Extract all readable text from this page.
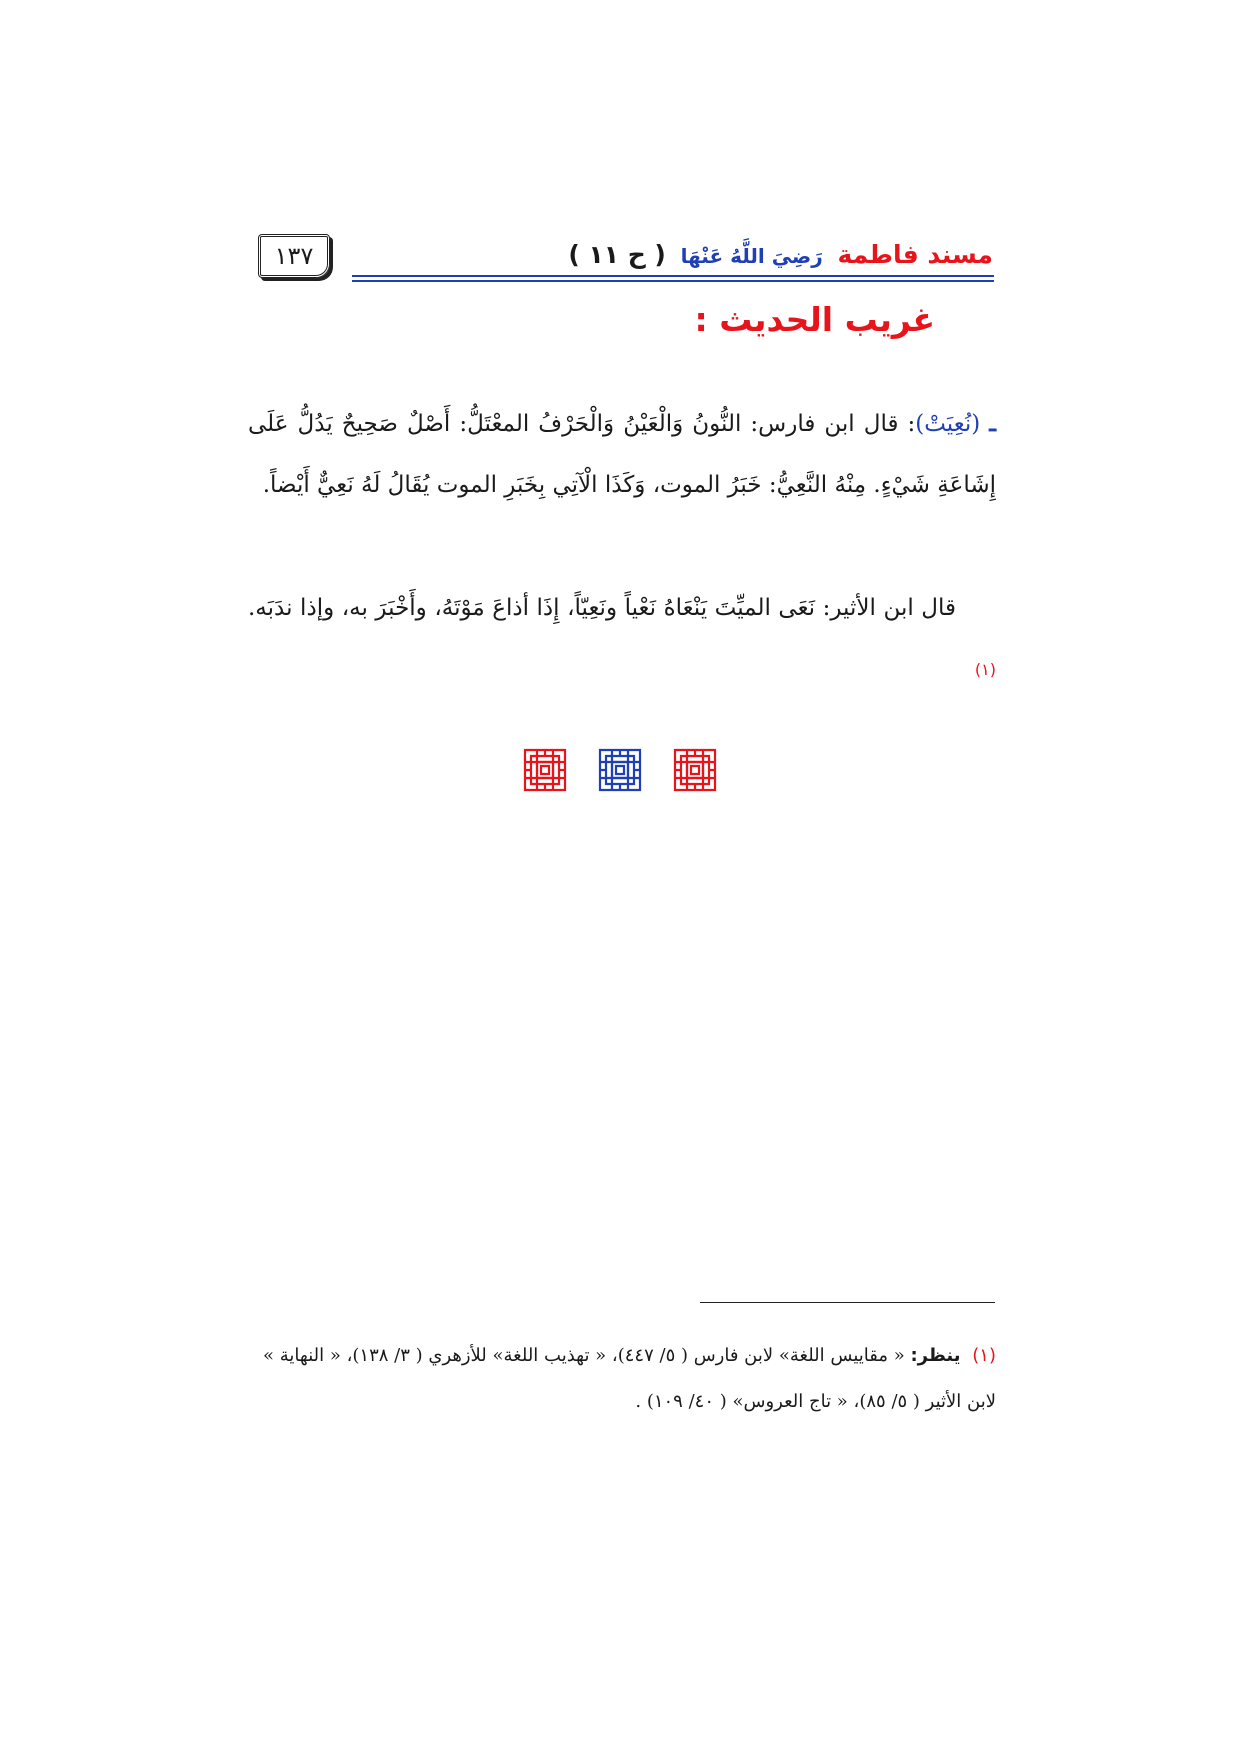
مسند فاطمة رَضِيَ اللَّهُ عَنْهَا ( ح ١١ )
١٣٧
غريب الحديث :

ـ (نُعِيَتْ): قال ابن فارس: النُّونُ وَالْعَيْنُ وَالْحَرْفُ المعْتَلُّ: أَصْلٌ صَحِيحٌ يَدُلُّ عَلَى إِشَاعَةِ شَيْءٍ. مِنْهُ النَّعِيُّ: خَبَرُ الموت، وَكَذَا الْآتِي بِخَبَرِ الموت يُقَالُ لَهُ نَعِيٌّ أَيْضاً.

قال ابن الأثير: نَعَى الميِّتَ يَنْعَاهُ نَعْياً ونَعِيّاً، إِذَا أذاعَ مَوْتَهُ، وأَخْبَرَ به، وإذا ندَبَه. $^{(١)}$

(١) ينظر: « مقاييس اللغة» لابن فارس ( ٥/ ٤٤٧)، « تهذيب اللغة» للأزهري ( ٣/ ١٣٨)، « النهاية » لابن الأثير ( ٥/ ٨٥)، « تاج العروس» ( ٤٠/ ١٠٩) .
